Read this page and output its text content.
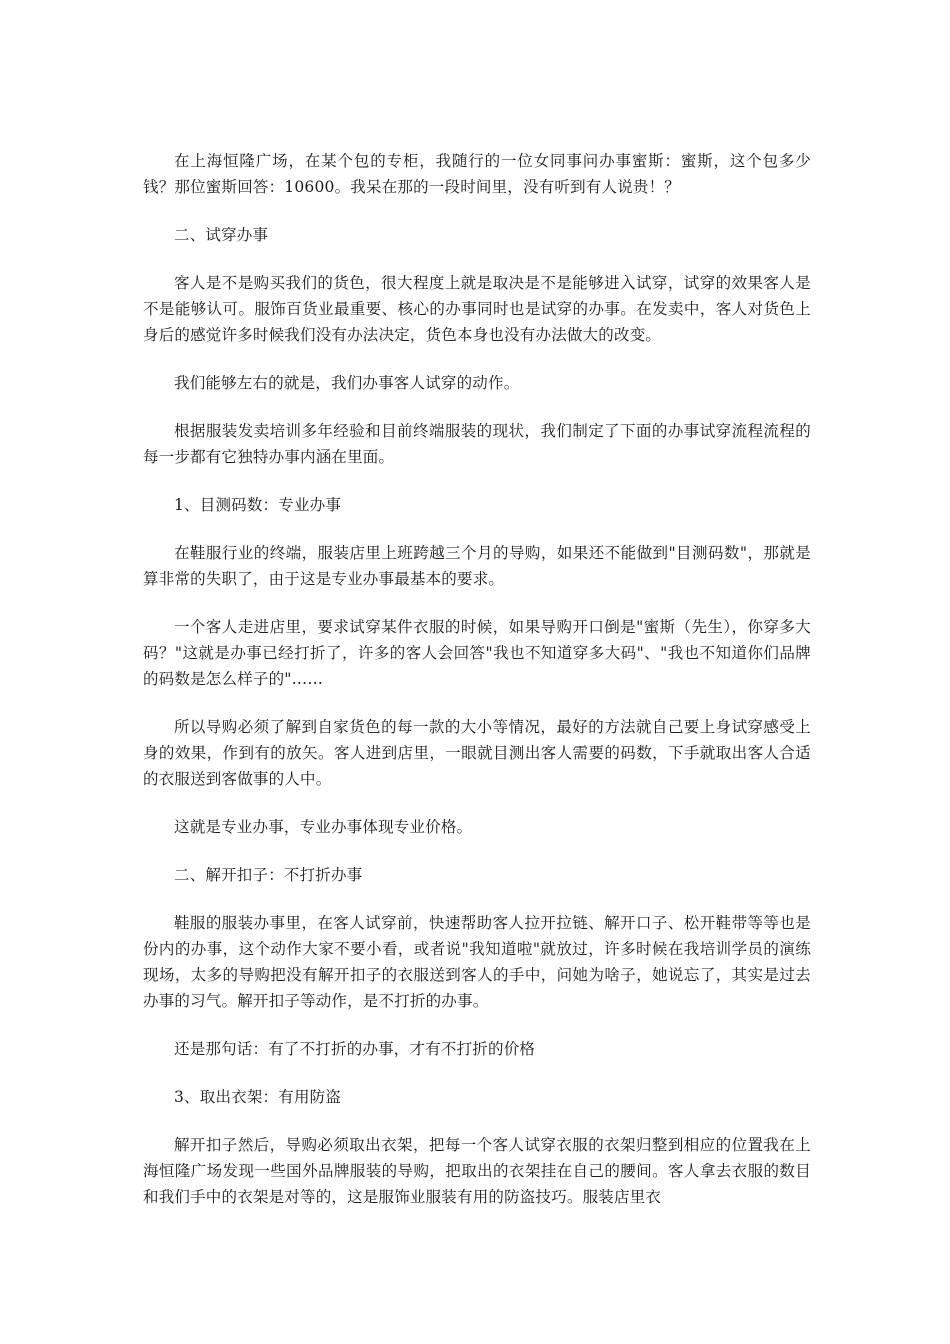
在上海恒隆广场，在某个包的专柜，我随行的一位女同事问办事蜜斯：蜜斯，这个包多少钱？那位蜜斯回答：10600。我呆在那的一段时间里，没有听到有人说贵！？

二、试穿办事

客人是不是购买我们的货色，很大程度上就是取决是不是能够进入试穿，试穿的效果客人是不是能够认可。服饰百货业最重要、核心的办事同时也是试穿的办事。在发卖中，客人对货色上身后的感觉许多时候我们没有办法决定，货色本身也没有办法做大的改变。

我们能够左右的就是，我们办事客人试穿的动作。

根据服装发卖培训多年经验和目前终端服装的现状，我们制定了下面的办事试穿流程流程的每一步都有它独特办事内涵在里面。

1、目测码数：专业办事

在鞋服行业的终端，服装店里上班跨越三个月的导购，如果还不能做到"目测码数"，那就是算非常的失职了，由于这是专业办事最基本的要求。

一个客人走进店里，要求试穿某件衣服的时候，如果导购开口倒是"蜜斯（先生），你穿多大码？"这就是办事已经打折了，许多的客人会回答"我也不知道穿多大码"、"我也不知道你们品牌的码数是怎么样子的"……

所以导购必须了解到自家货色的每一款的大小等情况，最好的方法就自己要上身试穿感受上身的效果，作到有的放矢。客人进到店里，一眼就目测出客人需要的码数，下手就取出客人合适的衣服送到客做事的人中。

这就是专业办事，专业办事体现专业价格。

二、解开扣子：不打折办事

鞋服的服装办事里，在客人试穿前，快速帮助客人拉开拉链、解开口子、松开鞋带等等也是份内的办事，这个动作大家不要小看，或者说"我知道啦"就放过，许多时候在我培训学员的演练现场，太多的导购把没有解开扣子的衣服送到客人的手中，问她为啥子，她说忘了，其实是过去办事的习气。解开扣子等动作，是不打折的办事。

还是那句话：有了不打折的办事，才有不打折的价格

3、取出衣架：有用防盗

解开扣子然后，导购必须取出衣架，把每一个客人试穿衣服的衣架归整到相应的位置我在上海恒隆广场发现一些国外品牌服装的导购，把取出的衣架挂在自己的腰间。客人拿去衣服的数目和我们手中的衣架是对等的，这是服饰业服装有用的防盗技巧。服装店里衣
